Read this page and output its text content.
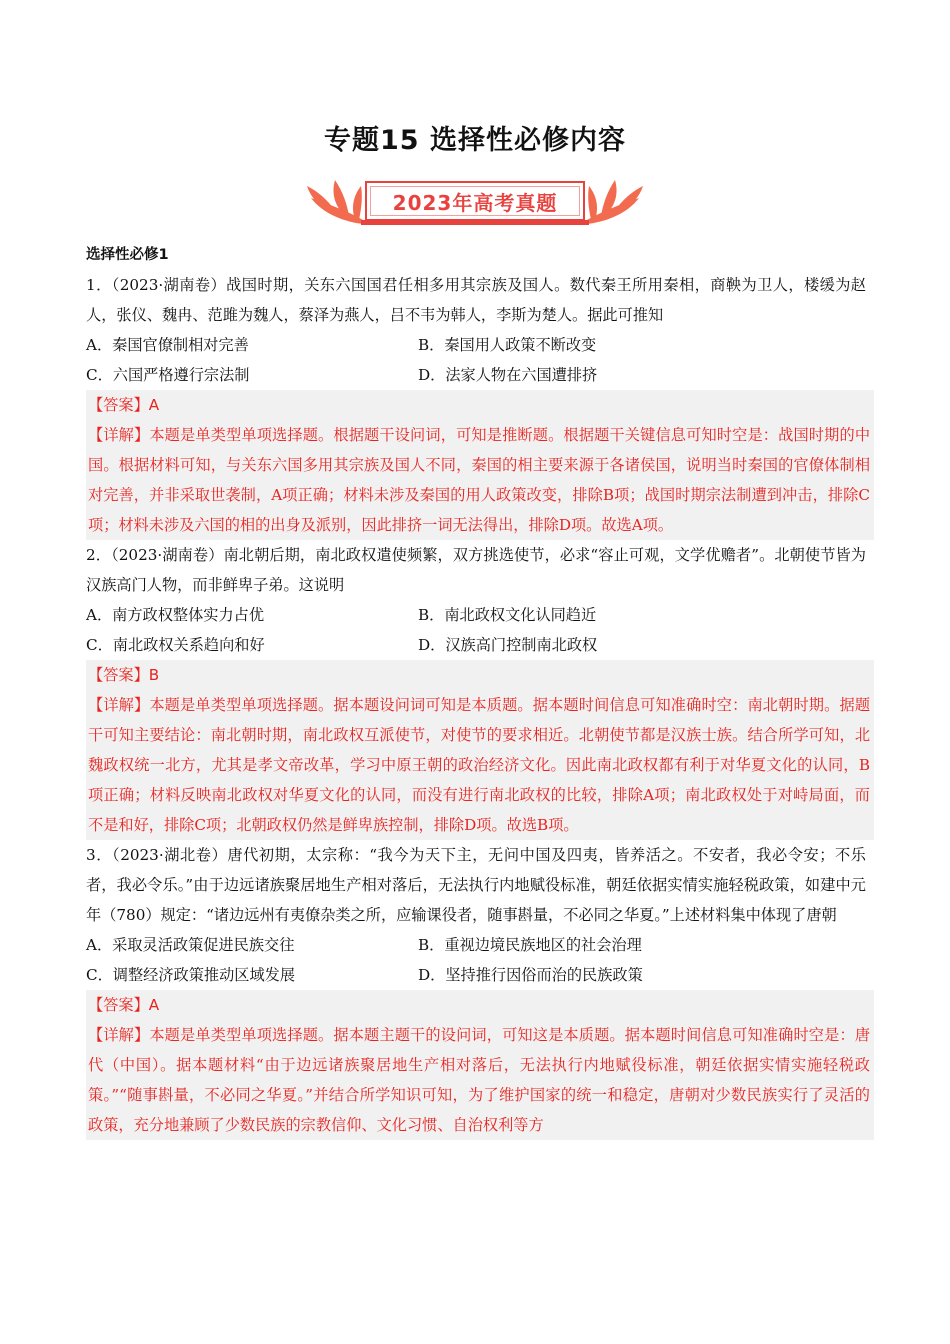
专题15 选择性必修内容
2023年高考真题
选择性必修1
1．（2023·湖南卷）战国时期，关东六国国君任相多用其宗族及国人。数代秦王所用秦相，商鞅为卫人，楼缓为赵人，张仪、魏冉、范雎为魏人，蔡泽为燕人，吕不韦为韩人，李斯为楚人。据此可推知
A．秦国官僚制相对完善	B．秦国用人政策不断改变
C．六国严格遵行宗法制	D．法家人物在六国遭排挤
【答案】A
【详解】本题是单类型单项选择题。根据题干设问词，可知是推断题。根据题干关键信息可知时空是：战国时期的中国。根据材料可知，与关东六国多用其宗族及国人不同，秦国的相主要来源于各诸侯国，说明当时秦国的官僚体制相对完善，并非采取世袭制，A项正确；材料未涉及秦国的用人政策改变，排除B项；战国时期宗法制遭到冲击，排除C项；材料未涉及六国的相的出身及派别，因此排挤一词无法得出，排除D项。故选A项。
2．（2023·湖南卷）南北朝后期，南北政权遣使频繁，双方挑选使节，必求“容止可观，文学优赡者”。北朝使节皆为汉族高门人物，而非鲜卑子弟。这说明
A．南方政权整体实力占优	B．南北政权文化认同趋近
C．南北政权关系趋向和好	D．汉族高门控制南北政权
【答案】B
【详解】本题是单类型单项选择题。据本题设问词可知是本质题。据本题时间信息可知准确时空：南北朝时期。据题干可知主要结论：南北朝时期，南北政权互派使节，对使节的要求相近。北朝使节都是汉族士族。结合所学可知，北魏政权统一北方，尤其是孝文帝改革，学习中原王朝的政治经济文化。因此南北政权都有利于对华夏文化的认同，B项正确；材料反映南北政权对华夏文化的认同，而没有进行南北政权的比较，排除A项；南北政权处于对峙局面，而不是和好，排除C项；北朝政权仍然是鲜卑族控制，排除D项。故选B项。
3．（2023·湖北卷）唐代初期，太宗称：“我今为天下主，无问中国及四夷，皆养活之。不安者，我必令安；不乐者，我必令乐。”由于边远诸族聚居地生产相对落后，无法执行内地赋役标准，朝廷依据实情实施轻税政策，如建中元年（780）规定：“诸边远州有夷僚杂类之所，应输课役者，随事斟量，不必同之华夏。”上述材料集中体现了唐朝
A．采取灵活政策促进民族交往	B．重视边境民族地区的社会治理
C．调整经济政策推动区域发展	D．坚持推行因俗而治的民族政策
【答案】A
【详解】本题是单类型单项选择题。据本题主题干的设问词，可知这是本质题。据本题时间信息可知准确时空是：唐代（中国）。据本题材料“由于边远诸族聚居地生产相对落后，无法执行内地赋役标准，朝廷依据实情实施轻税政策。”“随事斟量，不必同之华夏。”并结合所学知识可知，为了维护国家的统一和稳定，唐朝对少数民族实行了灵活的政策，充分地兼顾了少数民族的宗教信仰、文化习惯、自治权利等方
